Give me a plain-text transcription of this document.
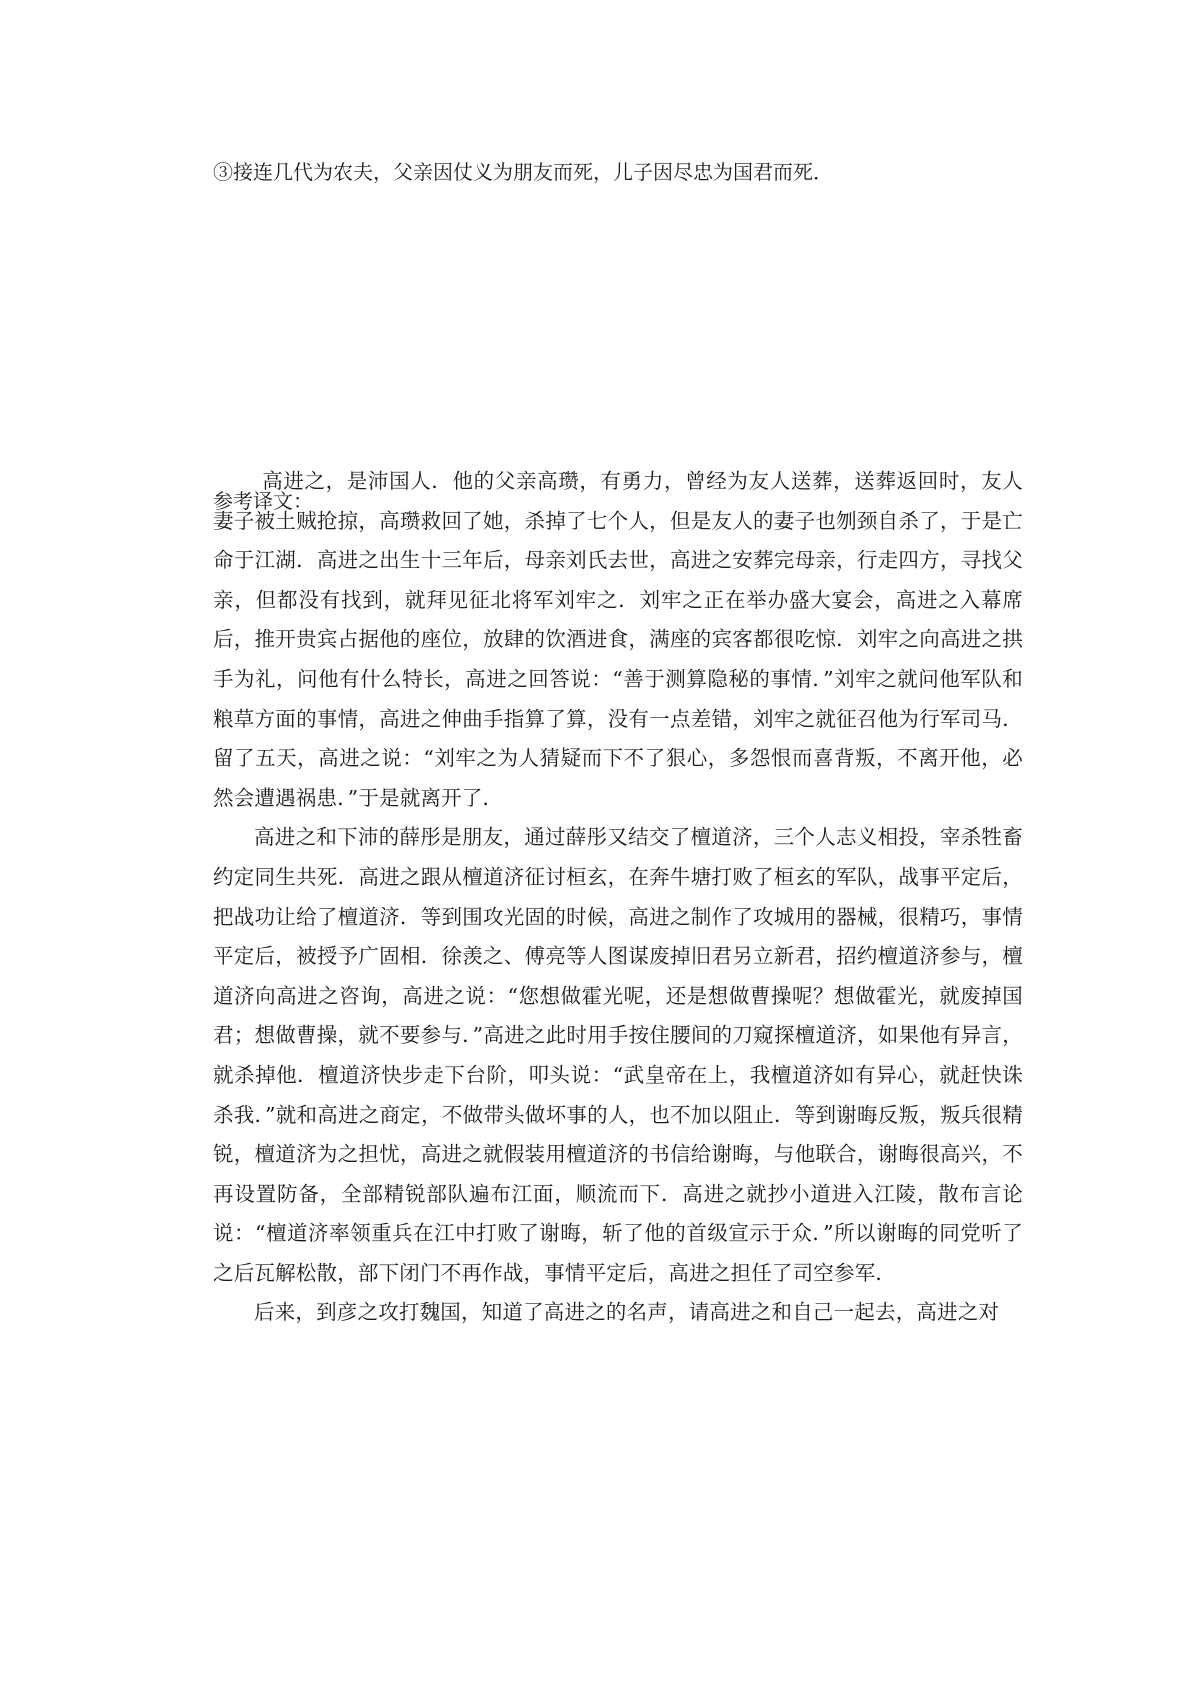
③接连几代为农夫，父亲因仗义为朋友而死，儿子因尽忠为国君而死．
参考译文：

高进之，是沛国人．他的父亲高瓒，有勇力，曾经为友人送葬，送葬返回时，友人妻子被土贼抢掠，高瓒救回了她，杀掉了七个人，但是友人的妻子也刎颈自杀了，于是亡命于江湖．高进之出生十三年后，母亲刘氏去世，高进之安葬完母亲，行走四方，寻找父亲，但都没有找到，就拜见征北将军刘牢之．刘牢之正在举办盛大宴会，高进之入幕席后，推开贵宾占据他的座位，放肆的饮酒进食，满座的宾客都很吃惊．刘牢之向高进之拱手为礼，问他有什么特长，高进之回答说：“善于测算隐秘的事情．”刘牢之就问他军队和粮草方面的事情，高进之伸曲手指算了算，没有一点差错，刘牢之就征召他为行军司马．留了五天，高进之说：“刘牢之为人猜疑而下不了狠心，多怨恨而喜背叛，不离开他，必然会遭遇祸患．”于是就离开了．

高进之和下沛的薛彤是朋友，通过薛彤又结交了檀道济，三个人志义相投，宰杀牲畜约定同生共死．高进之跟从檀道济征讨桓玄，在奔牛塘打败了桓玄的军队，战事平定后，把战功让给了檀道济．等到围攻光固的时候，高进之制作了攻城用的器械，很精巧，事情平定后，被授予广固相．徐羡之、傅亮等人图谋废掉旧君另立新君，招约檀道济参与，檀道济向高进之咨询，高进之说：“您想做霍光呢，还是想做曹操呢？想做霍光，就废掉国君；想做曹操，就不要参与．”高进之此时用手按住腰间的刀窥探檀道济，如果他有异言，就杀掉他．檀道济快步走下台阶，叩头说：“武皇帝在上，我檀道济如有异心，就赶快诛杀我．”就和高进之商定，不做带头做坏事的人，也不加以阻止．等到谢晦反叛，叛兵很精锐，檀道济为之担忧，高进之就假装用檀道济的书信给谢晦，与他联合，谢晦很高兴，不再设置防备，全部精锐部队遍布江面，顺流而下．高进之就抄小道进入江陵，散布言论说：“檀道济率领重兵在江中打败了谢晦，斩了他的首级宣示于众．”所以谢晦的同党听了之后瓦解松散，部下闭门不再作战，事情平定后，高进之担任了司空参军．

后来，到彦之攻打魏国，知道了高进之的名声，请高进之和自己一起去，高进之对
